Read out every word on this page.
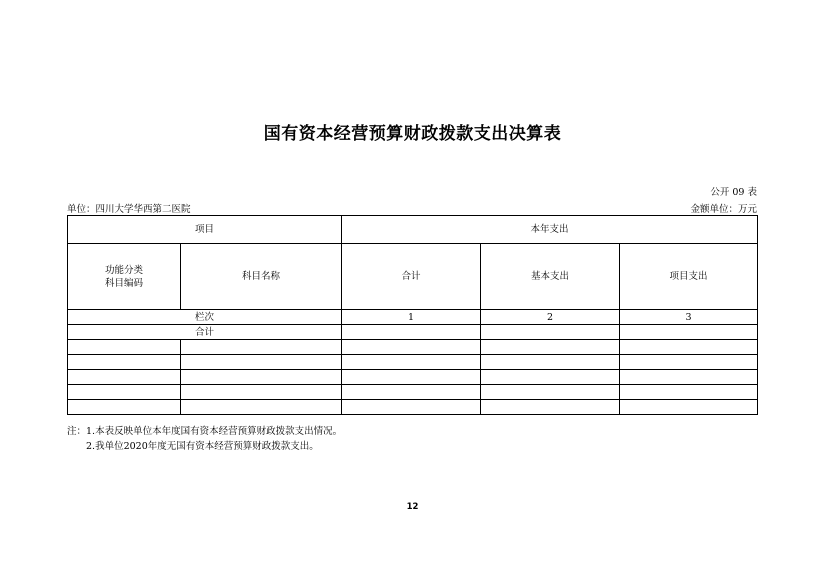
国有资本经营预算财政拨款支出决算表
公开 09 表
单位：四川大学华西第二医院	金额单位：万元
项目		本年支出		
功能分类
科目编码	科目名称	合计	基本支出	项目支出
栏次		1	2	3
合计				

注：1.本表反映单位本年度国有资本经营预算财政拨款支出情况。
2.我单位2020年度无国有资本经营预算财政拨款支出。
12
